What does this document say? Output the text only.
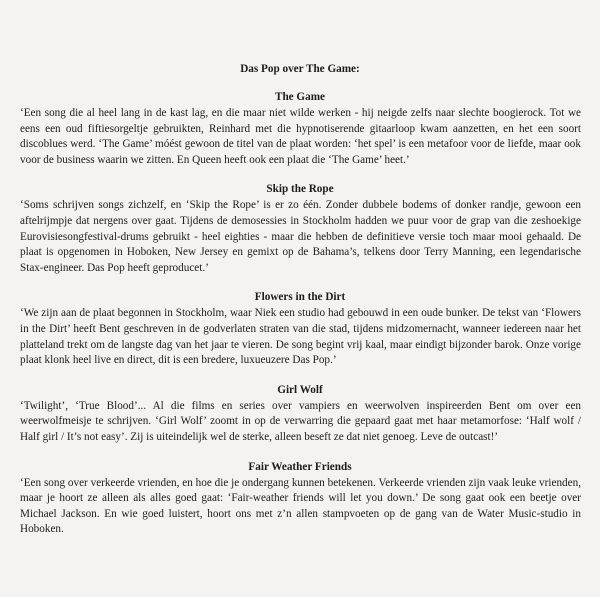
Das Pop over The Game:
The Game

‘Een song die al heel lang in de kast lag, en die maar niet wilde werken - hij neigde zelfs naar slechte boogierock. Tot we eens een oud fiftiesorgeltje gebruikten, Reinhard met die hypnotiserende gitaarloop kwam aanzetten, en het een soort discoblues werd. ‘The Game’ móést gewoon de titel van de plaat worden: ‘het spel’ is een metafoor voor de liefde, maar ook voor de business waarin we zitten. En Queen heeft ook een plaat die ‘The Game’ heet.’

Skip the Rope

‘Soms schrijven songs zichzelf, en ‘Skip the Rope’ is er zo één. Zonder dubbele bodems of donker randje, gewoon een aftelrijmpje dat nergens over gaat. Tijdens de demosessies in Stockholm hadden we puur voor de grap van die zeshoekige Eurovisiesongfestival-drums gebruikt - heel eighties - maar die hebben de definitieve versie toch maar mooi gehaald. De plaat is opgenomen in Hoboken, New Jersey en gemixt op de Bahama’s, telkens door Terry Manning, een legendarische Stax-engineer. Das Pop heeft geproducet.’

Flowers in the Dirt

‘We zijn aan de plaat begonnen in Stockholm, waar Niek een studio had gebouwd in een oude bunker. De tekst van ‘Flowers in the Dirt’ heeft Bent geschreven in de godverlaten straten van die stad, tijdens midzomernacht, wanneer iedereen naar het platteland trekt om de langste dag van het jaar te vieren. De song begint vrij kaal, maar eindigt bijzonder barok. Onze vorige plaat klonk heel live en direct, dit is een bredere, luxueuzere Das Pop.’

Girl Wolf

‘Twilight’, ‘True Blood’... Al die films en series over vampiers en weerwolven inspireerden Bent om over een weerwolfmeisje te schrijven. ‘Girl Wolf’ zoomt in op de verwarring die gepaard gaat met haar metamorfose: ‘Half wolf / Half girl / It’s not easy’. Zij is uiteindelijk wel de sterke, alleen beseft ze dat niet genoeg. Leve de outcast!’

Fair Weather Friends

‘Een song over verkeerde vrienden, en hoe die je ondergang kunnen betekenen. Verkeerde vrienden zijn vaak leuke vrienden, maar je hoort ze alleen als alles goed gaat: ‘Fair-weather friends will let you down.’ De song gaat ook een beetje over Michael Jackson. En wie goed luistert, hoort ons met z’n allen stampvoeten op de gang van de Water Music-studio in Hoboken.
